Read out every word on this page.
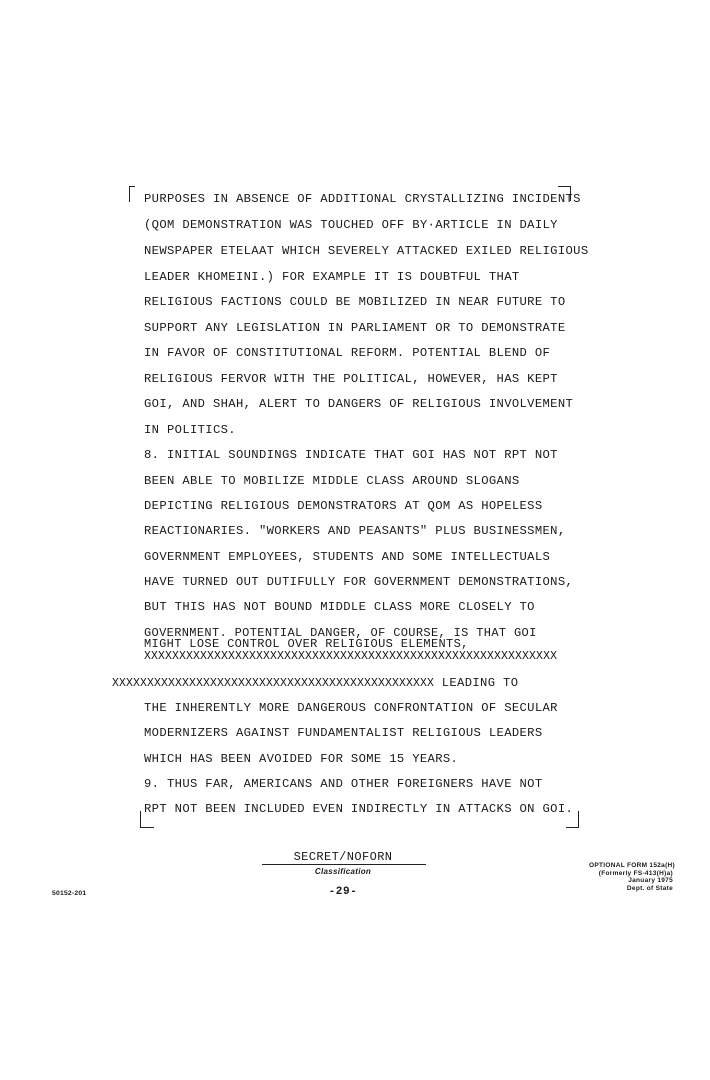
PURPOSES IN ABSENCE OF ADDITIONAL CRYSTALLIZING INCIDENTS
(QOM DEMONSTRATION WAS TOUCHED OFF BY·ARTICLE IN DAILY
NEWSPAPER ETELAAT WHICH SEVERELY ATTACKED EXILED RELIGIOUS
LEADER KHOMEINI.) FOR EXAMPLE IT IS DOUBTFUL THAT
RELIGIOUS FACTIONS COULD BE MOBILIZED IN NEAR FUTURE TO
SUPPORT ANY LEGISLATION IN PARLIAMENT OR TO DEMONSTRATE
IN FAVOR OF CONSTITUTIONAL REFORM. POTENTIAL BLEND OF
RELIGIOUS FERVOR WITH THE POLITICAL, HOWEVER, HAS KEPT
GOI, AND SHAH, ALERT TO DANGERS OF RELIGIOUS INVOLVEMENT
IN POLITICS.
8. INITIAL SOUNDINGS INDICATE THAT GOI HAS NOT RPT NOT
BEEN ABLE TO MOBILIZE MIDDLE CLASS AROUND SLOGANS
DEPICTING RELIGIOUS DEMONSTRATORS AT QOM AS HOPELESS
REACTIONARIES. "WORKERS AND PEASANTS" PLUS BUSINESSMEN,
GOVERNMENT EMPLOYEES, STUDENTS AND SOME INTELLECTUALS
HAVE TURNED OUT DUTIFULLY FOR GOVERNMENT DEMONSTRATIONS,
BUT THIS HAS NOT BOUND MIDDLE CLASS MORE CLOSELY TO
GOVERNMENT. POTENTIAL DANGER, OF COURSE, IS THAT GOI
MIGHT LOSE CONTROL OVER RELIGIOUS ELEMENTS,
XXXXXXXXXXXXXXXXXXXXXXXXXXXXXXXXXXXXXXXXXXXXXXXXXXXXXXXXXXX
XXXXXXXXXXXXXXXXXXXXXXXXXXXXXXXXXXXXXXXXXXXXXX LEADING TO
THE INHERENTLY MORE DANGEROUS CONFRONTATION OF SECULAR
MODERNIZERS AGAINST FUNDAMENTALIST RELIGIOUS LEADERS
WHICH HAS BEEN AVOIDED FOR SOME 15 YEARS.
9. THUS FAR, AMERICANS AND OTHER FOREIGNERS HAVE NOT
RPT NOT BEEN INCLUDED EVEN INDIRECTLY IN ATTACKS ON GOI.
SECRET/NOFORN
Classification
-29-
50152-201
OPTIONAL FORM 152a(H)
(Formerly FS-413(H)a)
January 1975
Dept. of State
